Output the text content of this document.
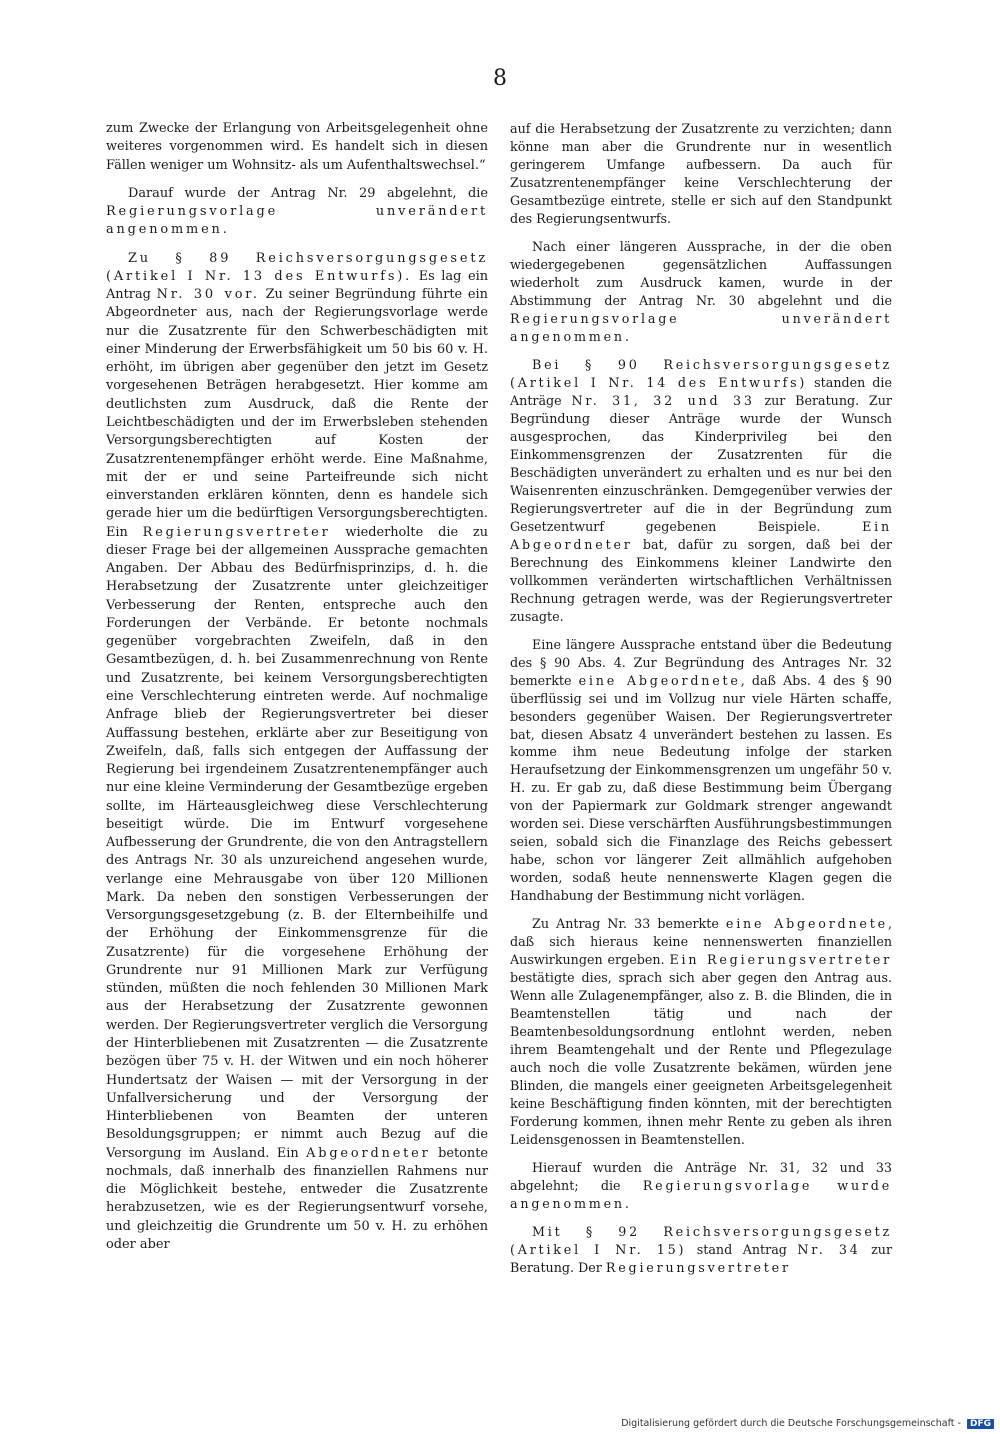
8

zum Zwecke der Erlangung von Arbeitsgelegenheit ohne weiteres vorgenommen wird. Es handelt sich in diesen Fällen weniger um Wohnsitz- als um Aufenthaltswechsel.“

Darauf wurde der Antrag Nr. 29 abgelehnt, die Regierungsvorlage unverändert angenommen.

Zu § 89 Reichsversorgungsgesetz (Artikel I Nr. 13 des Entwurfs). Es lag ein Antrag Nr. 30 vor. Zu seiner Begründung führte ein Abgeordneter aus, nach der Regierungsvorlage werde nur die Zusatzrente für den Schwerbeschädigten mit einer Minderung der Erwerbsfähigkeit um 50 bis 60 v. H. erhöht, im übrigen aber gegenüber den jetzt im Gesetz vorgesehenen Beträgen herabgesetzt. Hier komme am deutlichsten zum Ausdruck, daß die Rente der Leichtbeschädigten und der im Erwerbsleben stehenden Versorgungsberechtigten auf Kosten der Zusatzrentenempfänger erhöht werde. Eine Maßnahme, mit der er und seine Parteifreunde sich nicht einverstanden erklären könnten, denn es handele sich gerade hier um die bedürftigen Versorgungsberechtigten. Ein Regierungsvertreter wiederholte die zu dieser Frage bei der allgemeinen Aussprache gemachten Angaben. Der Abbau des Bedürfnisprinzips, d. h. die Herabsetzung der Zusatzrente unter gleichzeitiger Verbesserung der Renten, entspreche auch den Forderungen der Verbände. Er betonte nochmals gegenüber vorgebrachten Zweifeln, daß in den Gesamtbezügen, d. h. bei Zusammenrechnung von Rente und Zusatzrente, bei keinem Versorgungsberechtigten eine Verschlechterung eintreten werde. Auf nochmalige Anfrage blieb der Regierungsvertreter bei dieser Auffassung bestehen, erklärte aber zur Beseitigung von Zweifeln, daß, falls sich entgegen der Auffassung der Regierung bei irgendeinem Zusatzrentenempfänger auch nur eine kleine Verminderung der Gesamtbezüge ergeben sollte, im Härteausgleichweg diese Verschlechterung beseitigt würde. Die im Entwurf vorgesehene Aufbesserung der Grundrente, die von den Antragstellern des Antrags Nr. 30 als unzureichend angesehen wurde, verlange eine Mehrausgabe von über 120 Millionen Mark. Da neben den sonstigen Verbesserungen der Versorgungsgesetzgebung (z. B. der Elternbeihilfe und der Erhöhung der Einkommensgrenze für die Zusatzrente) für die vorgesehene Erhöhung der Grundrente nur 91 Millionen Mark zur Verfügung stünden, müßten die noch fehlenden 30 Millionen Mark aus der Herabsetzung der Zusatzrente gewonnen werden. Der Regierungsvertreter verglich die Versorgung der Hinterbliebenen mit Zusatzrenten — die Zusatzrente bezögen über 75 v. H. der Witwen und ein noch höherer Hundertsatz der Waisen — mit der Versorgung in der Unfallversicherung und der Versorgung der Hinterbliebenen von Beamten der unteren Besoldungsgruppen; er nimmt auch Bezug auf die Versorgung im Ausland. Ein Abgeordneter betonte nochmals, daß innerhalb des finanziellen Rahmens nur die Möglichkeit bestehe, entweder die Zusatzrente herabzusetzen, wie es der Regierungsentwurf vorsehe, und gleichzeitig die Grundrente um 50 v. H. zu erhöhen oder aber

auf die Herabsetzung der Zusatzrente zu verzichten; dann könne man aber die Grundrente nur in wesentlich geringerem Umfange aufbessern. Da auch für Zusatzrentenempfänger keine Verschlechterung der Gesamtbezüge eintrete, stelle er sich auf den Standpunkt des Regierungsentwurfs.

Nach einer längeren Aussprache, in der die oben wiedergegebenen gegensätzlichen Auffassungen wiederholt zum Ausdruck kamen, wurde in der Abstimmung der Antrag Nr. 30 abgelehnt und die Regierungsvorlage unverändert angenommen.

Bei § 90 Reichsversorgungsgesetz (Artikel I Nr. 14 des Entwurfs) standen die Anträge Nr. 31, 32 und 33 zur Beratung. Zur Begründung dieser Anträge wurde der Wunsch ausgesprochen, das Kinderprivileg bei den Einkommensgrenzen der Zusatzrenten für die Beschädigten unverändert zu erhalten und es nur bei den Waisenrenten einzuschränken. Demgegenüber verwies der Regierungsvertreter auf die in der Begründung zum Gesetzentwurf gegebenen Beispiele. Ein Abgeordneter bat, dafür zu sorgen, daß bei der Berechnung des Einkommens kleiner Landwirte den vollkommen veränderten wirtschaftlichen Verhältnissen Rechnung getragen werde, was der Regierungsvertreter zusagte.

Eine längere Aussprache entstand über die Bedeutung des § 90 Abs. 4. Zur Begründung des Antrages Nr. 32 bemerkte eine Abgeordnete, daß Abs. 4 des § 90 überflüssig sei und im Vollzug nur viele Härten schaffe, besonders gegenüber Waisen. Der Regierungsvertreter bat, diesen Absatz 4 unverändert bestehen zu lassen. Es komme ihm neue Bedeutung infolge der starken Heraufsetzung der Einkommensgrenzen um ungefähr 50 v. H. zu. Er gab zu, daß diese Bestimmung beim Übergang von der Papiermark zur Goldmark strenger angewandt worden sei. Diese verschärften Ausführungsbestimmungen seien, sobald sich die Finanzlage des Reichs gebessert habe, schon vor längerer Zeit allmählich aufgehoben worden, sodaß heute nennenswerte Klagen gegen die Handhabung der Bestimmung nicht vorlägen.

Zu Antrag Nr. 33 bemerkte eine Abgeordnete, daß sich hieraus keine nennenswerten finanziellen Auswirkungen ergeben. Ein Regierungsvertreter bestätigte dies, sprach sich aber gegen den Antrag aus. Wenn alle Zulagenempfänger, also z. B. die Blinden, die in Beamtenstellen tätig und nach der Beamtenbesoldungsordnung entlohnt werden, neben ihrem Beamtengehalt und der Rente und Pflegezulage auch noch die volle Zusatzrente bekämen, würden jene Blinden, die mangels einer geeigneten Arbeitsgelegenheit keine Beschäftigung finden könnten, mit der berechtigten Forderung kommen, ihnen mehr Rente zu geben als ihren Leidensgenossen in Beamtenstellen.

Hierauf wurden die Anträge Nr. 31, 32 und 33 abgelehnt; die Regierungsvorlage wurde angenommen.

Mit § 92 Reichsversorgungsgesetz (Artikel I Nr. 15) stand Antrag Nr. 34 zur Beratung. Der Regierungsvertreter

Digitalisierung gefördert durch die Deutsche Forschungsgemeinschaft - DFG
